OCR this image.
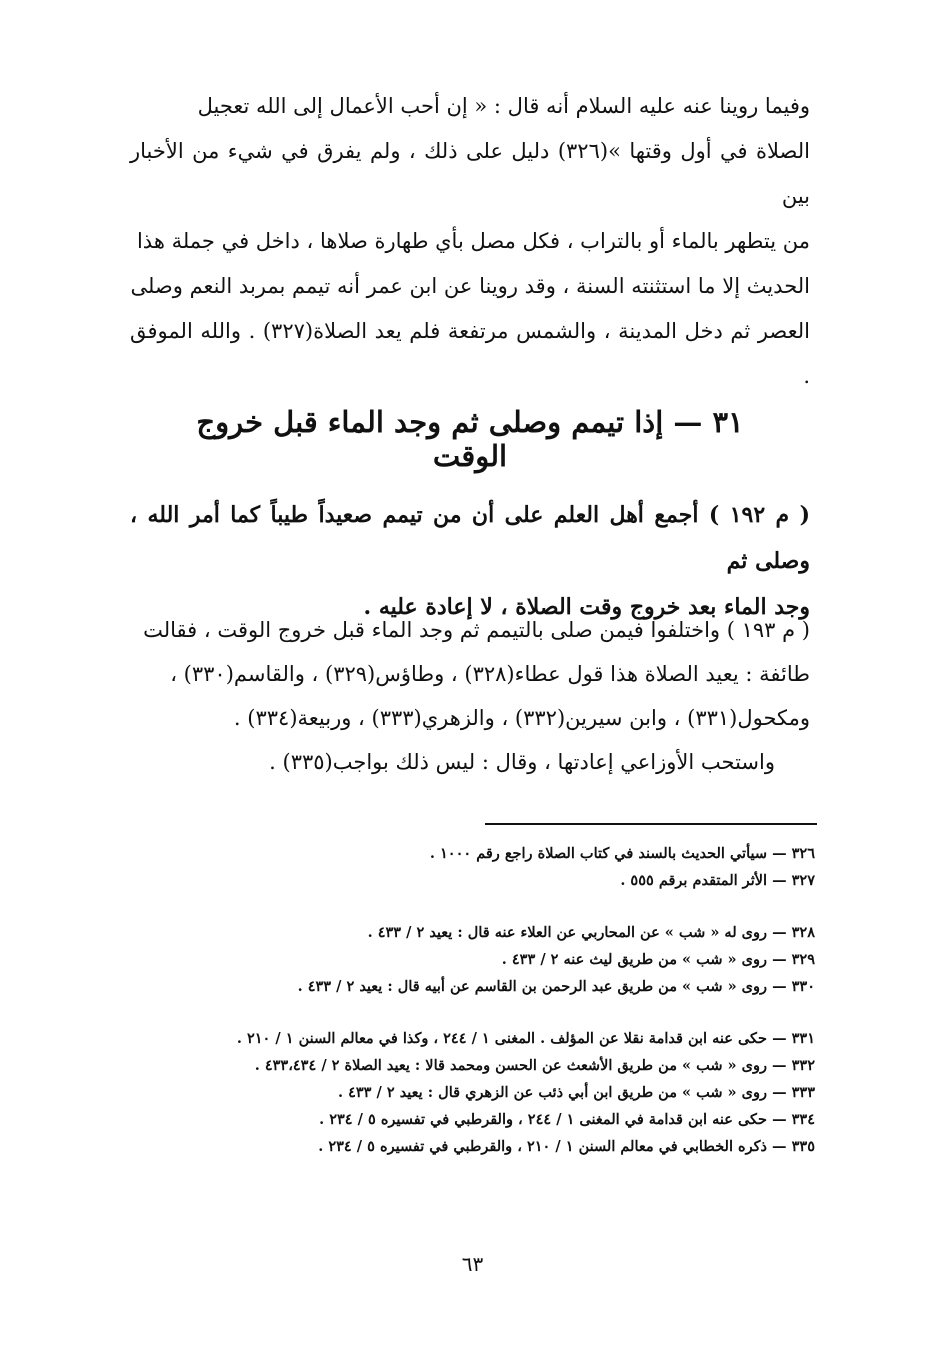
وفيما روينا عنه عليه السلام أنه قال : « إن أحب الأعمال إلى الله تعجيل

الصلاة في أول وقتها »(٣٢٦) دليل على ذلك ، ولم يفرق في شيء من الأخبار بين

من يتطهر بالماء أو بالتراب ، فكل مصل بأي طهارة صلاها ، داخل في جملة هذا

الحديث إلا ما استثنته السنة ، وقد روينا عن ابن عمر أنه تيمم بمربد النعم وصلى

العصر ثم دخل المدينة ، والشمس مرتفعة فلم يعد الصلاة(٣٢٧) . والله الموفق .

٣١ — إذا تيمم وصلى ثم وجد الماء قبل خروج الوقت

( م ١٩٢ ) أجمع أهل العلم على أن من تيمم صعيداً طيباً كما أمر الله ، وصلى ثم

وجد الماء بعد خروج وقت الصلاة ، لا إعادة عليه .

( م ١٩٣ ) واختلفوا فيمن صلى بالتيمم ثم وجد الماء قبل خروج الوقت ، فقالت

طائفة : يعيد الصلاة هذا قول عطاء(٣٢٨) ، وطاؤس(٣٢٩) ، والقاسم(٣٣٠) ،

ومكحول(٣٣١) ، وابن سيرين(٣٣٢) ، والزهري(٣٣٣) ، وربيعة(٣٣٤) .

واستحب الأوزاعي إعادتها ، وقال : ليس ذلك بواجب(٣٣٥) .

٣٢٦ — سيأتي الحديث بالسند في كتاب الصلاة راجع رقم ١٠٠٠ .
٣٢٧ — الأثر المتقدم برقم ٥٥٥ .
٣٢٨ — روى له « شب » عن المحاربي عن العلاء عنه قال : يعيد ٢ / ٤٣٣ .
٣٢٩ — روى « شب » من طريق ليث عنه ٢ / ٤٣٣ .
٣٣٠ — روى « شب » من طريق عبد الرحمن بن القاسم عن أبيه قال : يعيد ٢ / ٤٣٣ .
٣٣١ — حكى عنه ابن قدامة نقلا عن المؤلف . المغنى ١ / ٢٤٤ ، وكذا في معالم السنن ١ / ٢١٠ .
٣٣٢ — روى « شب » من طريق الأشعث عن الحسن ومحمد قالا : يعيد الصلاة ٢ / ٤٣٣،٤٣٤ .
٣٣٣ — روى « شب » من طريق ابن أبي ذئب عن الزهري قال : يعيد ٢ / ٤٣٣ .
٣٣٤ — حكى عنه ابن قدامة في المغنى ١ / ٢٤٤ ، والقرطبي في تفسيره ٥ / ٢٣٤ .
٣٣٥ — ذكره الخطابي في معالم السنن ١ / ٢١٠ ، والقرطبي في تفسيره ٥ / ٢٣٤ .
٦٣
